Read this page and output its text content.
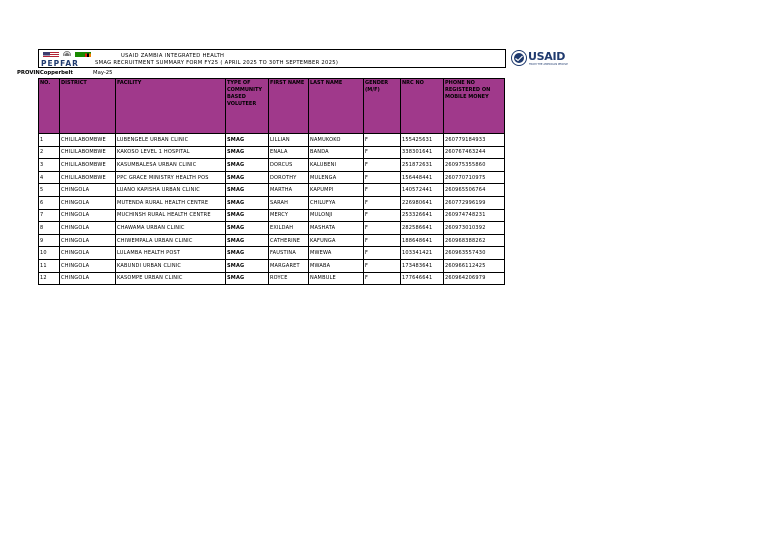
PEPFAR
USAID ZAMBIA INTEGRATED HEALTH
SMAG RECRUITMENT SUMMARY FORM FY25 ( APRIL 2025 TO 30TH SEPTEMBER 2025)	USAID
FROM THE AMERICAN PEOPLE
PROVINCopperbelt	May-25
NO.	DISTRICT	FACILITY	TYPE OF COMMUNITY BASED VOLUTEER	FIRST NAME	LAST NAME	GENDER (M/F)	NRC NO	PHONE NO REGISTERED ON MOBILE MONEY
1	CHILILABOMBWE	LUBENGELE URBAN CLINIC	SMAG	LILLIAN	NAMUKOKO	F	155425631	260779184933
2	CHILILABOMBWE	KAKOSO LEVEL 1 HOSPITAL	SMAG	ENALA	BANDA	F	338301641	260767463244
3	CHILILABOMBWE	KASUMBALESA URBAN CLINIC	SMAG	DORCUS	KALUBENI	F	251872631	260975355860
4	CHILILABOMBWE	PPC GRACE MINISTRY HEALTH POS	SMAG	DOROTHY	MULENGA	F	156448441	260770710975
5	CHINGOLA	LUANO KAPISHA URBAN CLINIC	SMAG	MARTHA	KAPUMPI	F	140572441	260965506764
6	CHINGOLA	MUTENDA RURAL HEALTH CENTRE	SMAG	SARAH	CHILUFYA	F	226980641	260772996199
7	CHINGOLA	MUCHINSH RURAL HEALTH CENTRE	SMAG	MERCY	MULONJI	F	253326641	260974748231
8	CHINGOLA	CHAWAMA URBAN CLINIC	SMAG	EXILDAH	MASHATA	F	282586641	260973010392
9	CHINGOLA	CHIWEMPALA URBAN CLINIC	SMAG	CATHERINE	KAFUNGA	F	188648641	260968388262
10	CHINGOLA	LULAMBA HEALTH POST	SMAG	FAUSTINA	MWEWA	F	103341421	260963557430
11	CHINGOLA	KABUNDI URBAN CLINIC	SMAG	MARGARET	MWABA	F	173483641	260966112425
12	CHINGOLA	KASOMPE URBAN CLINIC	SMAG	ROYCE	NAMBULE	F	177646641	260964206979
